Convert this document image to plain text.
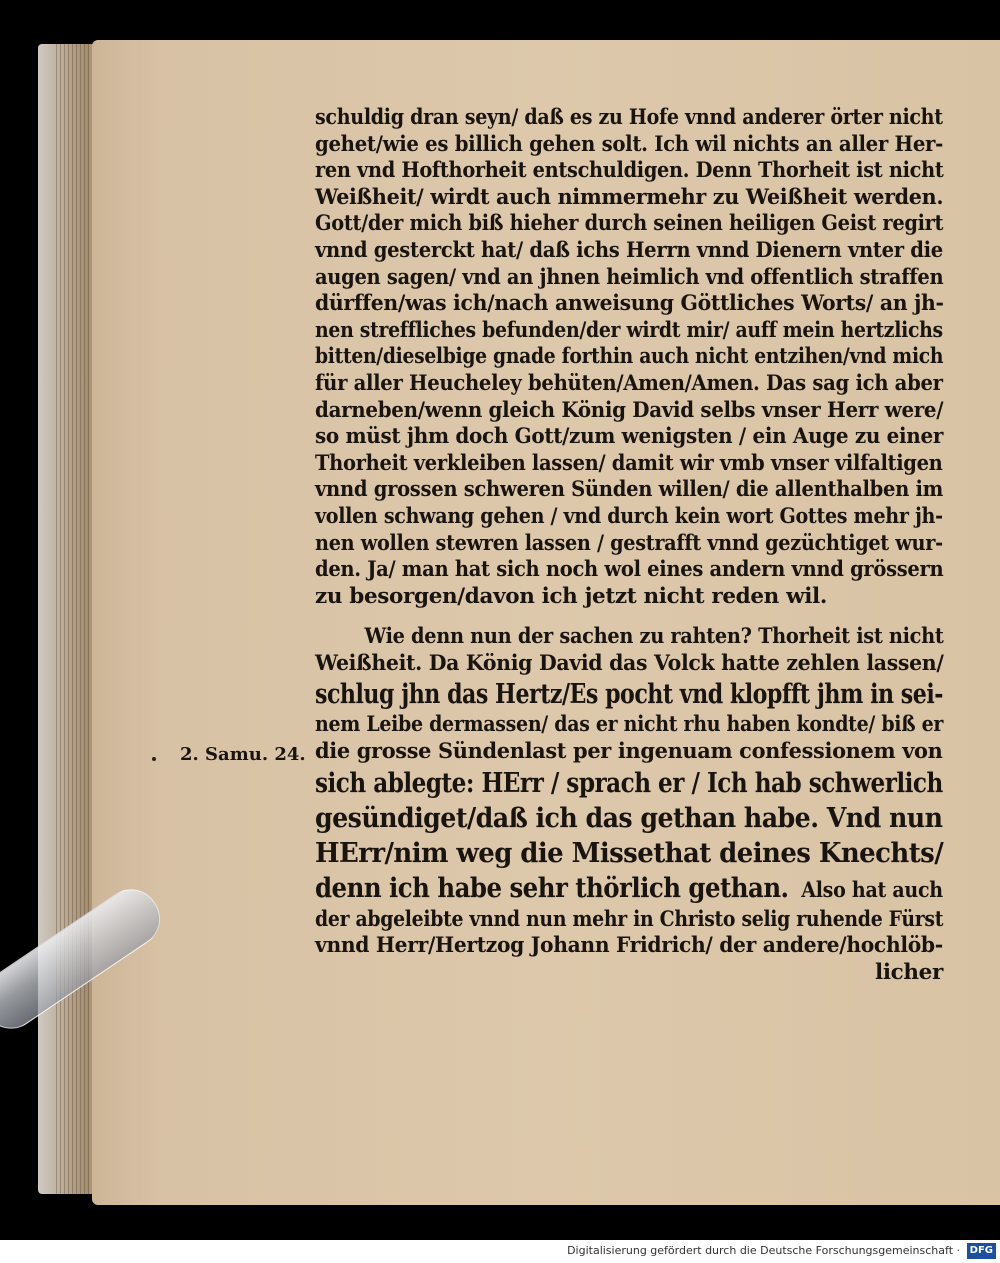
2. Samu. 24.
schuldig dran seyn/ daß es zu Hofe vnnd anderer örter nicht
gehet/wie es billich gehen solt. Ich wil nichts an aller Her-
ren vnd Hofthorheit entschuldigen. Denn Thorheit ist nicht
Weißheit/ wirdt auch nimmermehr zu Weißheit werden.
Gott/der mich biß hieher durch seinen heiligen Geist regirt
vnnd gesterckt hat/ daß ichs Herrn vnnd Dienern vnter die
augen sagen/ vnd an jhnen heimlich vnd offentlich straffen
dürffen/was ich/nach anweisung Göttliches Worts/ an jh-
nen streffliches befunden/der wirdt mir/ auff mein hertzlichs
bitten/dieselbige gnade forthin auch nicht entzihen/vnd mich
für aller Heucheley behüten/Amen/Amen. Das sag ich aber
darneben/wenn gleich König David selbs vnser Herr were/
so müst jhm doch Gott/zum wenigsten / ein Auge zu einer
Thorheit verkleiben lassen/ damit wir vmb vnser vilfaltigen
vnnd grossen schweren Sünden willen/ die allenthalben im
vollen schwang gehen / vnd durch kein wort Gottes mehr jh-
nen wollen stewren lassen / gestrafft vnnd gezüchtiget wur-
den. Ja/ man hat sich noch wol eines andern vnnd grössern
zu besorgen/davon ich jetzt nicht reden wil.
Wie denn nun der sachen zu rahten? Thorheit ist nicht
Weißheit. Da König David das Volck hatte zehlen lassen/
schlug jhn das Hertz/Es pocht vnd klopfft jhm in sei-
nem Leibe dermassen/ das er nicht rhu haben kondte/ biß er
die grosse Sündenlast per ingenuam confessionem von
sich ablegte: HErr / sprach er / Ich hab schwerlich
gesündiget/daß ich das gethan habe. Vnd nun
HErr/nim weg die Missethat deines Knechts/
denn ich habe sehr thörlich gethan. Also hat auch
der abgeleibte vnnd nun mehr in Christo selig ruhende Fürst
vnnd Herr/Hertzog Johann Fridrich/ der andere/hochlöb-
licher
Digitalisierung gefördert durch die Deutsche Forschungsgemeinschaft · DFG
